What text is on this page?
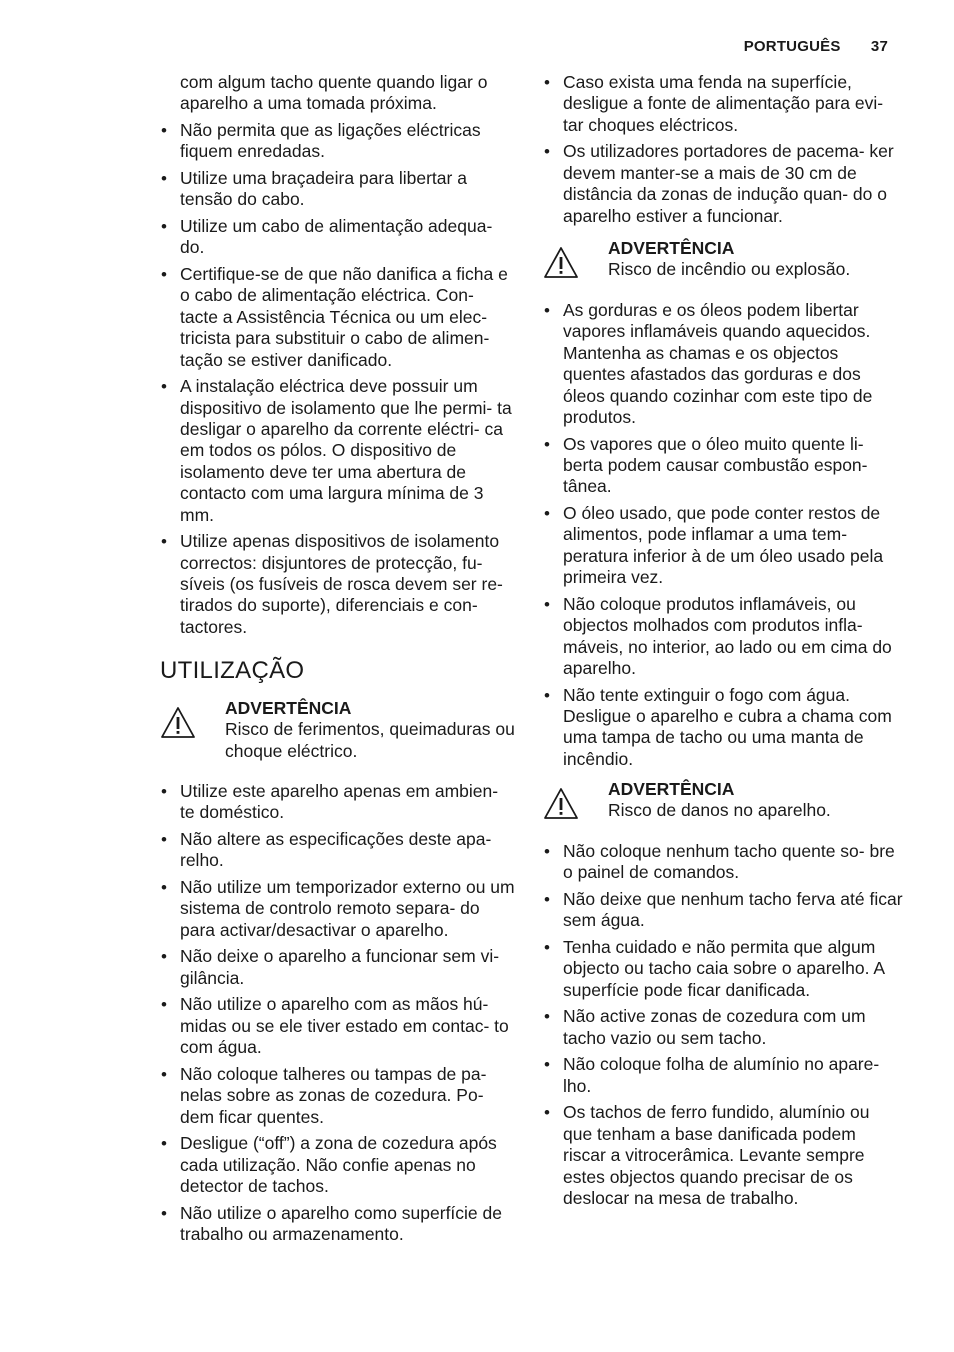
PORTUGUÊS 37
com algum tacho quente quando ligar o aparelho a uma tomada próxima.
• Não permita que as ligações eléctricas fiquem enredadas.
• Utilize uma braçadeira para libertar a tensão do cabo.
• Utilize um cabo de alimentação adequa- do.
• Certifique-se de que não danifica a ficha e o cabo de alimentação eléctrica. Con- tacte a Assistência Técnica ou um elec- tricista para substituir o cabo de alimen- tação se estiver danificado.
• A instalação eléctrica deve possuir um dispositivo de isolamento que lhe permi- ta desligar o aparelho da corrente eléctri- ca em todos os pólos. O dispositivo de isolamento deve ter uma abertura de contacto com uma largura mínima de 3 mm.
• Utilize apenas dispositivos de isolamento correctos: disjuntores de protecção, fu- síveis (os fusíveis de rosca devem ser re- tirados do suporte), diferenciais e con- tactores.
UTILIZAÇÃO
ADVERTÊNCIA
Risco de ferimentos, queimaduras ou choque eléctrico.
• Utilize este aparelho apenas em ambien- te doméstico.
• Não altere as especificações deste apa- relho.
• Não utilize um temporizador externo ou um sistema de controlo remoto separa- do para activar/desactivar o aparelho.
• Não deixe o aparelho a funcionar sem vi- gilância.
• Não utilize o aparelho com as mãos hú- midas ou se ele tiver estado em contac- to com água.
• Não coloque talheres ou tampas de pa- nelas sobre as zonas de cozedura. Po- dem ficar quentes.
• Desligue (“off”) a zona de cozedura após cada utilização. Não confie apenas no detector de tachos.
• Não utilize o aparelho como superfície de trabalho ou armazenamento.
• Caso exista uma fenda na superfície, desligue a fonte de alimentação para evi- tar choques eléctricos.
• Os utilizadores portadores de pacema- ker devem manter-se a mais de 30 cm de distância da zonas de indução quan- do o aparelho estiver a funcionar.
ADVERTÊNCIA
Risco de incêndio ou explosão.
• As gorduras e os óleos podem libertar vapores inflamáveis quando aquecidos. Mantenha as chamas e os objectos quentes afastados das gorduras e dos óleos quando cozinhar com este tipo de produtos.
• Os vapores que o óleo muito quente li- berta podem causar combustão espon- tânea.
• O óleo usado, que pode conter restos de alimentos, pode inflamar a uma tem- peratura inferior à de um óleo usado pela primeira vez.
• Não coloque produtos inflamáveis, ou objectos molhados com produtos infla- máveis, no interior, ao lado ou em cima do aparelho.
• Não tente extinguir o fogo com água. Desligue o aparelho e cubra a chama com uma tampa de tacho ou uma manta de incêndio.
ADVERTÊNCIA
Risco de danos no aparelho.
• Não coloque nenhum tacho quente so- bre o painel de comandos.
• Não deixe que nenhum tacho ferva até ficar sem água.
• Tenha cuidado e não permita que algum objecto ou tacho caia sobre o aparelho. A superfície pode ficar danificada.
• Não active zonas de cozedura com um tacho vazio ou sem tacho.
• Não coloque folha de alumínio no apare- lho.
• Os tachos de ferro fundido, alumínio ou que tenham a base danificada podem riscar a vitrocerâmica. Levante sempre estes objectos quando precisar de os deslocar na mesa de trabalho.
